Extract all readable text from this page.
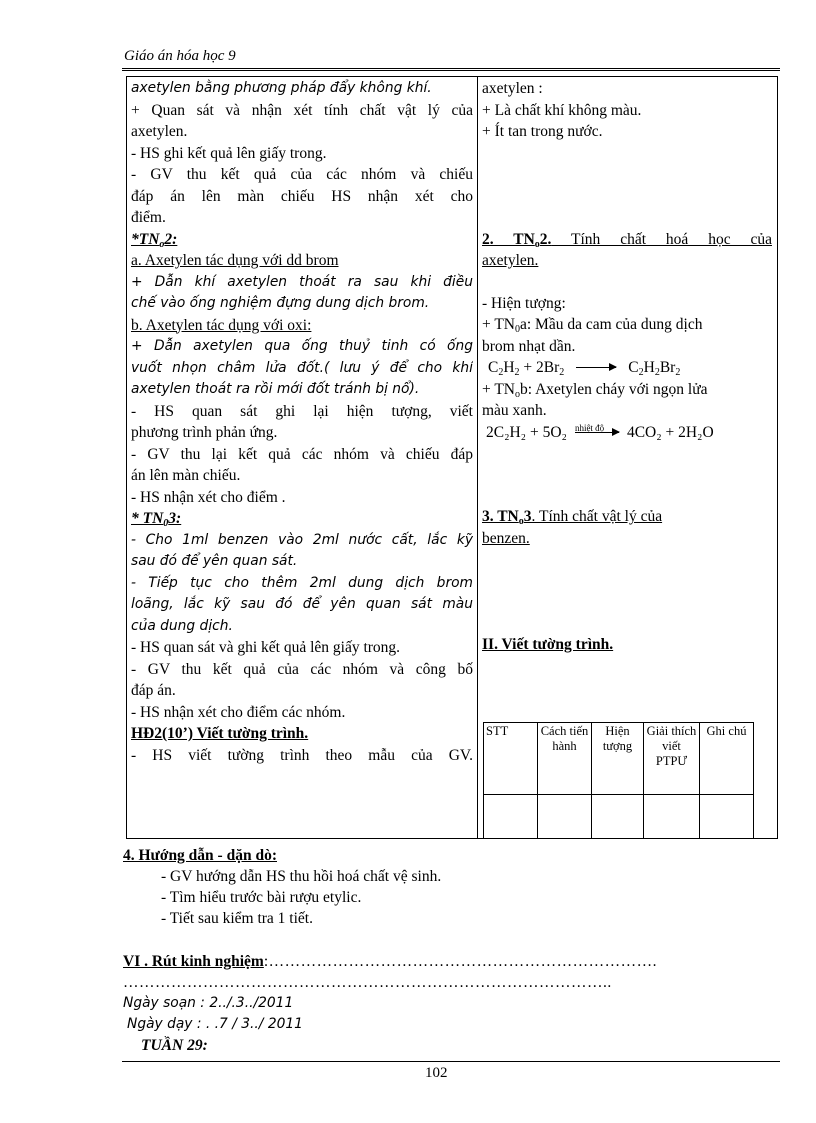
Giáo án hóa học 9
axetylen bằng phương pháp đẩy không khí.
+ Quan sát và nhận xét tính chất vật lý của
axetylen.
- HS ghi kết quả lên giấy trong.
- GV thu kết quả của các nhóm và chiếu
đáp án lên màn chiếu HS nhận xét cho
điểm.
$*TN_o2$:
a. Axetylen tác dụng với dd brom
+ Dẫn khí axetylen thoát ra sau khi điều
chế vào ống nghiệm đựng dung dịch brom.
b. Axetylen tác dụng với oxi:
+ Dẫn axetylen qua ống thuỷ tinh có ống
vuốt nhọn châm lửa đốt.( lưu ý để cho khí
axetylen thoát ra rồi mới đốt tránh bị nổ).
- HS quan sát ghi lại hiện tượng, viết
phương trình phản ứng.
- GV thu lại kết quả các nhóm và chiếu đáp
án lên màn chiếu.
- HS nhận xét cho điểm .
* $TN_03$:
- Cho 1ml benzen vào 2ml nước cất, lắc kỹ
sau đó để yên quan sát.
- Tiếp tục cho thêm 2ml dung dịch brom
loãng, lắc kỹ sau đó để yên quan sát màu
của dung dịch.
- HS quan sát và ghi kết quả lên giấy trong.
- GV thu kết quả của các nhóm và công bố
đáp án.
- HS nhận xét cho điểm các nhóm.
HĐ2(10’) Viết tường trình.
- HS viết tường trình theo mẫu của GV.
axetylen :
+ Là chất khí không màu.
+ Ít tan trong nước.
2. $TN_o2$. Tính chất hoá học của
axetylen.
- Hiện tượng:
+ $TN_0a$: Mầu da cam của dung dịch
brom nhạt dần.
$C_2H_2 + 2Br_2 \to C_2H_2Br_2$
+ $TN_ob$: Axetylen cháy với ngọn lửa
màu xanh.
2C₂H₂ + 5O₂ nhiệt độ 4CO₂ + 2H₂O
3. $TN_o3$. Tính chất vật lý của
benzen.
II. Viết tường trình.
STT	Cách tiến hành	Hiện tượng	Giải thích viết PTPƯ	Ghi chú

4. Hướng dẫn - dặn dò:
- GV hướng dẫn HS thu hồi hoá chất vệ sinh.
- Tìm hiểu trước bài rượu etylic.
- Tiết sau kiểm tra 1 tiết.
VI . Rút kinh nghiệm:……………………………………………………………….
………………………………………………………………………………..
Ngày soạn : 2../.3../2011
Ngày dạy : . .7 / 3../ 2011
TUẦN 29:
102
